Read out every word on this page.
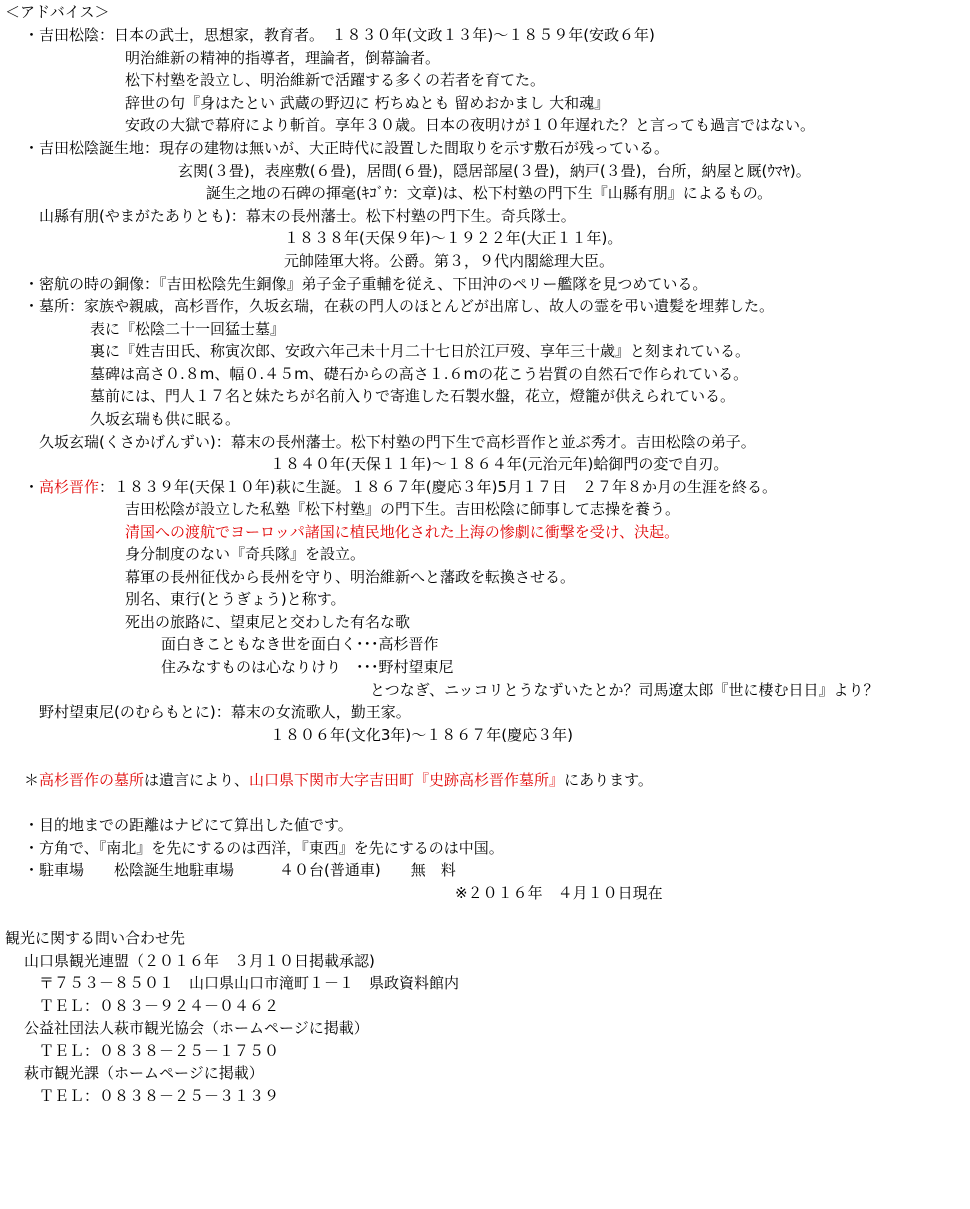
＜アドバイス＞
・吉田松陰：日本の武士，思想家，教育者。　１８３０年(文政１３年)～１８５９年(安政６年)
明治維新の精神的指導者，理論者，倒幕論者。
松下村塾を設立し、明治維新で活躍する多くの若者を育てた。
辞世の句『身はたとい 武蔵の野辺に 朽ちぬとも 留めおかまし 大和魂』
安政の大獄で幕府により斬首。享年３０歳。日本の夜明けが１０年遅れた？と言っても過言ではない。
・吉田松陰誕生地：現存の建物は無いが、大正時代に設置した間取りを示す敷石が残っている。
玄関(３畳)，表座敷(６畳)，居間(６畳)，隠居部屋(３畳)，納戸(３畳)，台所，納屋と厩(ｳﾏﾔ)。
誕生之地の石碑の揮毫(ｷｺﾞｳ：文章)は、松下村塾の門下生『山縣有朋』によるもの。
山縣有朋(やまがたありとも)：幕末の長州藩士。松下村塾の門下生。奇兵隊士。
１８３８年(天保９年)～１９２２年(大正１１年)。
元帥陸軍大将。公爵。第３，９代内閣総理大臣。
・密航の時の銅像：『吉田松陰先生銅像』弟子金子重輔を従え、下田沖のペリー艦隊を見つめている。
・墓所：家族や親戚，高杉晋作，久坂玄瑞，在萩の門人のほとんどが出席し、故人の霊を弔い遺髪を埋葬した。
表に『松陰二十一回猛士墓』
裏に『姓吉田氏、称寅次郎、安政六年己未十月二十七日於江戸歿、享年三十歳』と刻まれている。
墓碑は高さ０.８m、幅０.４５m、礎石からの高さ１.６mの花こう岩質の自然石で作られている。
墓前には、門人１７名と妹たちが名前入りで寄進した石製水盤，花立，燈籠が供えられている。
久坂玄瑞も供に眠る。
久坂玄瑞(くさかげんずい)：幕末の長州藩士。松下村塾の門下生で高杉晋作と並ぶ秀才。吉田松陰の弟子。
１８４０年(天保１１年)～１８６４年(元治元年)蛤御門の変で自刃。
・高杉晋作：１８３９年(天保１０年)萩に生誕。１８６７年(慶応３年)5月１７日　２７年８か月の生涯を終る。
吉田松陰が設立した私塾『松下村塾』の門下生。吉田松陰に師事して志操を養う。
清国への渡航でヨーロッパ諸国に植民地化された上海の惨劇に衝撃を受け、決起。
身分制度のない『奇兵隊』を設立。
幕軍の長州征伐から長州を守り、明治維新へと藩政を転換させる。
別名、東行(とうぎょう)と称す。
死出の旅路に、望東尼と交わした有名な歌
面白きこともなき世を面白く･･･高杉晋作
住みなすものは心なりけり　･･･野村望東尼
とつなぎ、ニッコリとうなずいたとか？司馬遼太郎『世に棲む日日』より？
野村望東尼(のむらもとに)：幕末の女流歌人，勤王家。
１８０６年(文化3年)～１８６７年(慶応３年)
＊高杉晋作の墓所は遺言により、山口県下関市大字吉田町『史跡高杉晋作墓所』にあります。
・目的地までの距離はナビにて算出した値です。
・方角で、『南北』を先にするのは西洋，『東西』を先にするのは中国。
・駐車場　　松陰誕生地駐車場　　　４０台(普通車)　　無　料
※２０１６年　４月１０日現在
観光に関する問い合わせ先
山口県観光連盟（２０１６年　３月１０日掲載承認)
〒７５３－８５０１　山口県山口市滝町１－１　県政資料館内
ＴＥＬ：０８３－９２４－０４６２
公益社団法人萩市観光協会（ホームページに掲載）
ＴＥＬ：０８３８－２５－１７５０
萩市観光課（ホームページに掲載）
ＴＥＬ：０８３８－２５－３１３９
